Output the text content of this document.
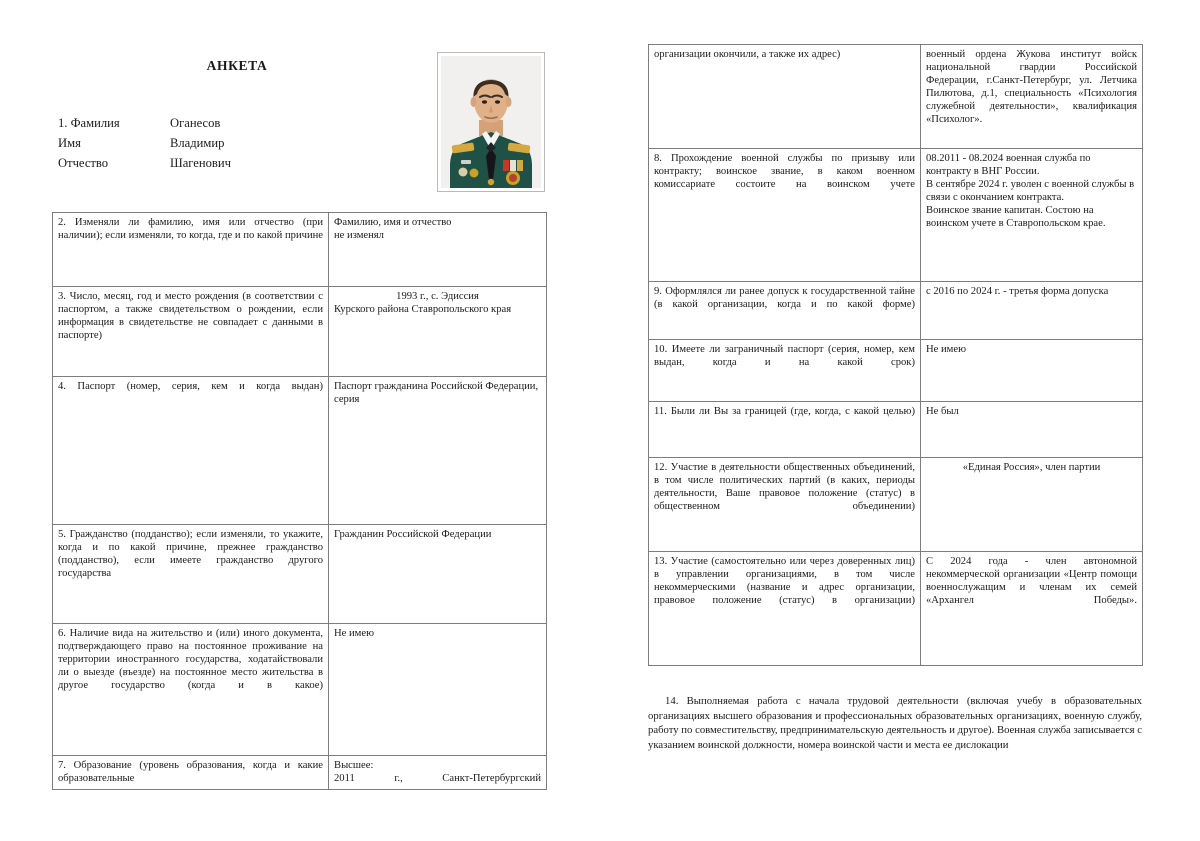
АНКЕТА
1. Фамилия	Оганесов
Имя	Владимир
Отчество	Шагенович
2. Изменяли ли фамилию, имя или отчество (при наличии); если изменяли, то когда, где и по какой причине	Фамилию, имя и отчество
не изменял

3. Число, месяц, год и место рождения (в соответствии с паспортом, а также свидетельством о рождении, если информация в свидетельстве не совпадает с данными в паспорте)	1993 г., с. Эдиссия
Курского района Ставропольского края

4. Паспорт (номер, серия, кем и когда выдан)	Паспорт гражданина Российской Федерации, серия
5. Гражданство (подданство); если изменяли, то укажите, когда и по какой причине, прежнее гражданство (подданство), если имеете гражданство другого государства	Гражданин Российской Федерации
6. Наличие вида на жительство и (или) иного документа, подтверждающего право на постоянное проживание на территории иностранного государства, ходатайствовали ли о выезде (въезде) на постоянное место жительства в другое государство (когда и в какое)	Не имею
7. Образование (уровень образования, когда и какие образовательные	Высшее:
2011 г., Санкт-Петербургский
организации окончили, а также их адрес)	военный ордена Жукова институт войск национальной гвардии Российской Федерации, г.Санкт-Петербург, ул. Летчика Пилютова, д.1, специальность «Психология служебной деятельности», квалификация «Психолог».
8. Прохождение военной службы по призыву или контракту; воинское звание, в каком военном комиссариате состоите на воинском учете	08.2011 - 08.2024 военная служба по контракту в ВНГ России.
В сентябре 2024 г. уволен с военной службы в связи с окончанием контракта.
Воинское звание капитан. Состою на воинском учете в Ставропольском крае.

9. Оформлялся ли ранее допуск к государственной тайне (в какой организации, когда и по какой форме)	с 2016 по 2024 г. - третья форма допуска
10. Имеете ли заграничный паспорт (серия, номер, кем выдан, когда и на какой срок)	Не имею
11. Были ли Вы за границей (где, когда, с какой целью)	Не был
12. Участие в деятельности общественных объединений, в том числе политических партий (в каких, периоды деятельности, Ваше правовое положение (статус) в общественном объединении)	«Единая Россия», член партии

13. Участие (самостоятельно или через доверенных лиц) в управлении организациями, в том числе некоммерческими (название и адрес организации, правовое положение (статус) в организации)	С 2024 года - член автономной некоммерческой организации «Центр помощи военнослужащим и членам их семей «Архангел Победы».
14. Выполняемая работа с начала трудовой деятельности (включая учебу в образовательных организациях высшего образования и профессиональных образовательных организациях, военную службу, работу по совместительству, предпринимательскую деятельность и другое). Военная служба записывается с указанием воинской должности, номера воинской части и места ее дислокации
